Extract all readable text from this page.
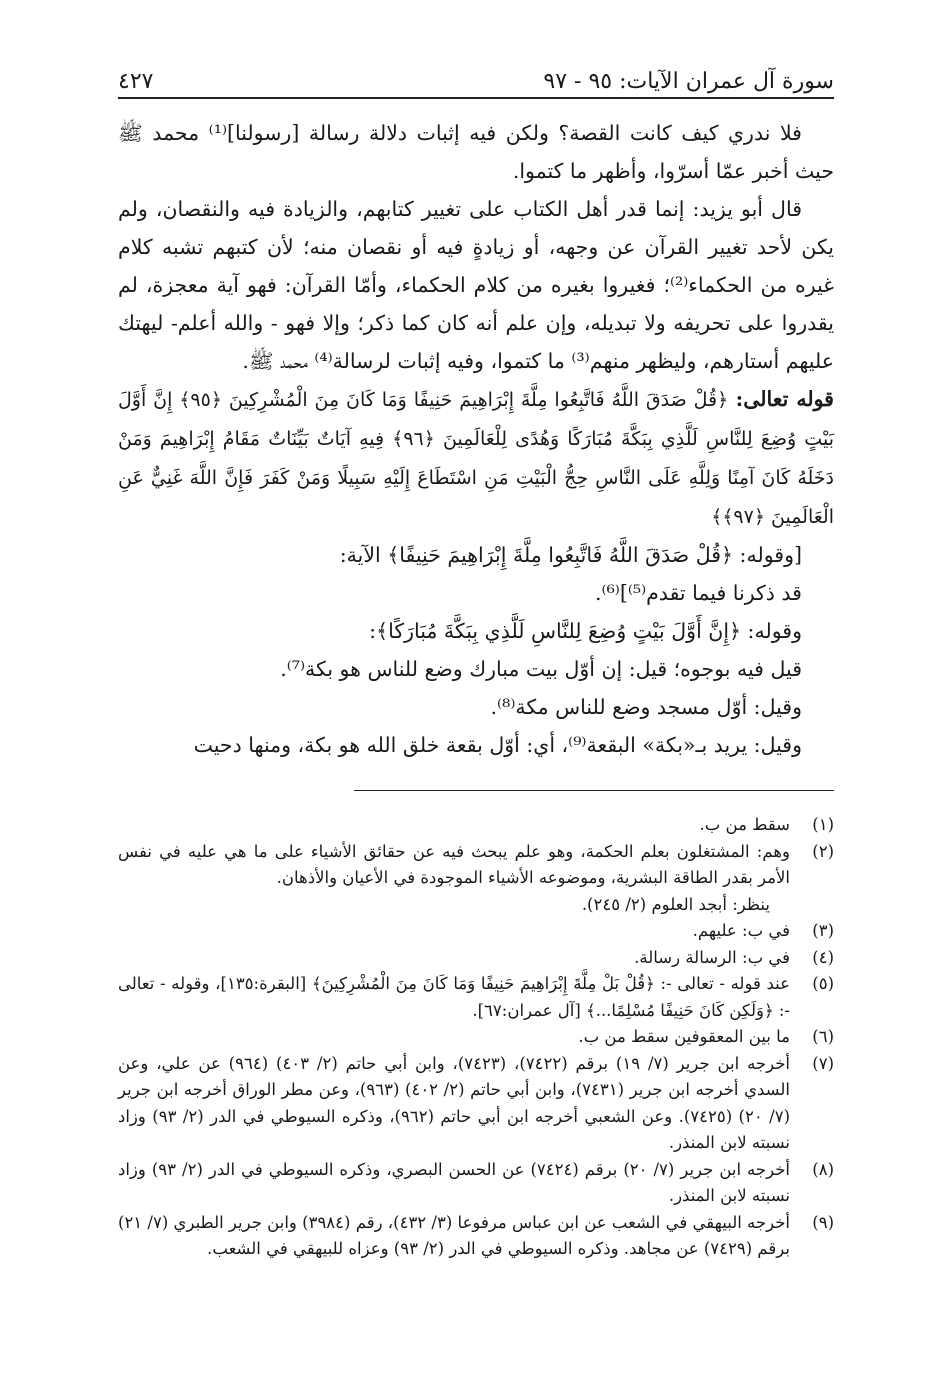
سورة آل عمران الآيات: ٩٥ - ٩٧
٤٢٧

فلا ندري كيف كانت القصة؟ ولكن فيه إثبات دلالة رسالة [رسولنا]⁽¹⁾ محمد ﷺ حيث أخبر عمّا أسرّوا، وأظهر ما كتموا.

قال أبو يزيد: إنما قدر أهل الكتاب على تغيير كتابهم، والزيادة فيه والنقصان، ولم يكن لأحد تغيير القرآن عن وجهه، أو زيادةٍ فيه أو نقصان منه؛ لأن كتبهم تشبه كلام غيره من الحكماء⁽²⁾؛ فغيروا بغيره من كلام الحكماء، وأمّا القرآن: فهو آية معجزة، لم يقدروا على تحريفه ولا تبديله، وإن علم أنه كان كما ذكر؛ وإلا فهو - والله أعلم- ليهتك عليهم أستارهم، وليظهر منهم⁽³⁾ ما كتموا، وفيه إثبات لرسالة⁽⁴⁾ محمد ﷺ.

قوله تعالى: ﴿قُلْ صَدَقَ اللَّهُ فَاتَّبِعُوا مِلَّةَ إِبْرَاهِيمَ حَنِيفًا وَمَا كَانَ مِنَ الْمُشْرِكِينَ ﴿٩٥﴾ إِنَّ أَوَّلَ بَيْتٍ وُضِعَ لِلنَّاسِ لَلَّذِي بِبَكَّةَ مُبَارَكًا وَهُدًى لِلْعَالَمِينَ ﴿٩٦﴾ فِيهِ آيَاتٌ بَيِّنَاتٌ مَقَامُ إِبْرَاهِيمَ وَمَنْ دَخَلَهُ كَانَ آمِنًا وَلِلَّهِ عَلَى النَّاسِ حِجُّ الْبَيْتِ مَنِ اسْتَطَاعَ إِلَيْهِ سَبِيلًا وَمَنْ كَفَرَ فَإِنَّ اللَّهَ غَنِيٌّ عَنِ الْعَالَمِينَ ﴿٩٧﴾﴾

[وقوله: ﴿قُلْ صَدَقَ اللَّهُ فَاتَّبِعُوا مِلَّةَ إِبْرَاهِيمَ حَنِيفًا﴾ الآية:

قد ذكرنا فيما تقدم⁽⁵⁾]⁽⁶⁾.

وقوله: ﴿إِنَّ أَوَّلَ بَيْتٍ وُضِعَ لِلنَّاسِ لَلَّذِي بِبَكَّةَ مُبَارَكًا﴾:

قيل فيه بوجوه؛ قيل: إن أوّل بيت مبارك وضع للناس هو بكة⁽⁷⁾.

وقيل: أوّل مسجد وضع للناس مكة⁽⁸⁾.

وقيل: يريد بـ«بكة» البقعة⁽⁹⁾، أي: أوّل بقعة خلق الله هو بكة، ومنها دحيت

(١)
سقط من ب.
(٢)
وهم: المشتغلون بعلم الحكمة، وهو علم يبحث فيه عن حقائق الأشياء على ما هي عليه في نفس الأمر بقدر الطاقة البشرية، وموضوعه الأشياء الموجودة في الأعيان والأذهان.
ينظر: أبجد العلوم (٢/ ٢٤٥).
(٣)
في ب: عليهم.
(٤)
في ب: الرسالة رسالة.
(٥)
عند قوله - تعالى -: ﴿قُلْ بَلْ مِلَّةَ إِبْرَاهِيمَ حَنِيفًا وَمَا كَانَ مِنَ الْمُشْرِكِينَ﴾ [البقرة:١٣٥]، وقوله - تعالى -: ﴿وَلَكِن كَانَ حَنِيفًا مُسْلِمًا...﴾ [آل عمران:٦٧].
(٦)
ما بين المعقوفين سقط من ب.
(٧)
أخرجه ابن جرير (٧/ ١٩) برقم (٧٤٢٢)، (٧٤٢٣)، وابن أبي حاتم (٢/ ٤٠٣) (٩٦٤) عن علي، وعن السدي أخرجه ابن جرير (٧٤٣١)، وابن أبي حاتم (٢/ ٤٠٢) (٩٦٣)، وعن مطر الوراق أخرجه ابن جرير (٧/ ٢٠) (٧٤٢٥). وعن الشعبي أخرجه ابن أبي حاتم (٩٦٢)، وذكره السيوطي في الدر (٢/ ٩٣) وزاد نسبته لابن المنذر.
(٨)
أخرجه ابن جرير (٧/ ٢٠) برقم (٧٤٢٤) عن الحسن البصري، وذكره السيوطي في الدر (٢/ ٩٣) وزاد نسبته لابن المنذر.
(٩)
أخرجه البيهقي في الشعب عن ابن عباس مرفوعا (٣/ ٤٣٢)، رقم (٣٩٨٤) وابن جرير الطبري (٧/ ٢١) برقم (٧٤٢٩) عن مجاهد. وذكره السيوطي في الدر (٢/ ٩٣) وعزاه للبيهقي في الشعب.
